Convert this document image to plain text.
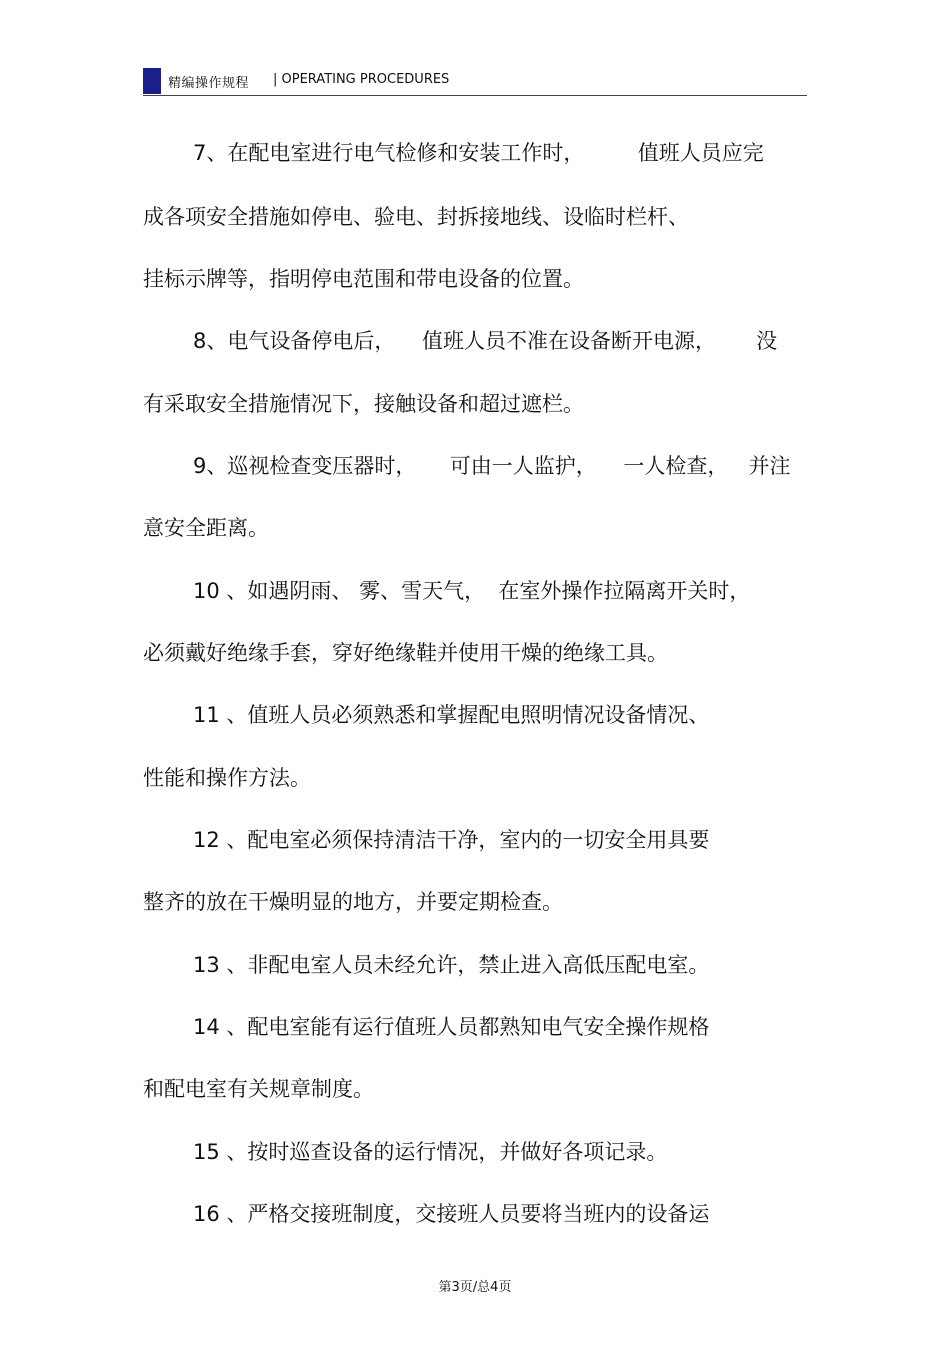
精编操作规程 | OPERATING PROCEDURES

7、在配电室进行电气检修和安装工作时，        值班人员应完

成各项安全措施如停电、验电、封拆接地线、设临时栏杆、

挂标示牌等，指明停电范围和带电设备的位置。

8、电气设备停电后，    值班人员不准在设备断开电源，      没

有采取安全措施情况下，接触设备和超过遮栏。

9、巡视检查变压器时，     可由一人监护，    一人检查，   并注

意安全距离。

10 、如遇阴雨、 雾、雪天气，  在室外操作拉隔离开关时，

必须戴好绝缘手套，穿好绝缘鞋并使用干燥的绝缘工具。

11 、值班人员必须熟悉和掌握配电照明情况设备情况、

性能和操作方法。

12 、配电室必须保持清洁干净，室内的一切安全用具要

整齐的放在干燥明显的地方，并要定期检查。

13 、非配电室人员未经允许，禁止进入高低压配电室。

14 、配电室能有运行值班人员都熟知电气安全操作规格

和配电室有关规章制度。

15 、按时巡查设备的运行情况，并做好各项记录。

16 、严格交接班制度，交接班人员要将当班内的设备运

第3页/总4页
